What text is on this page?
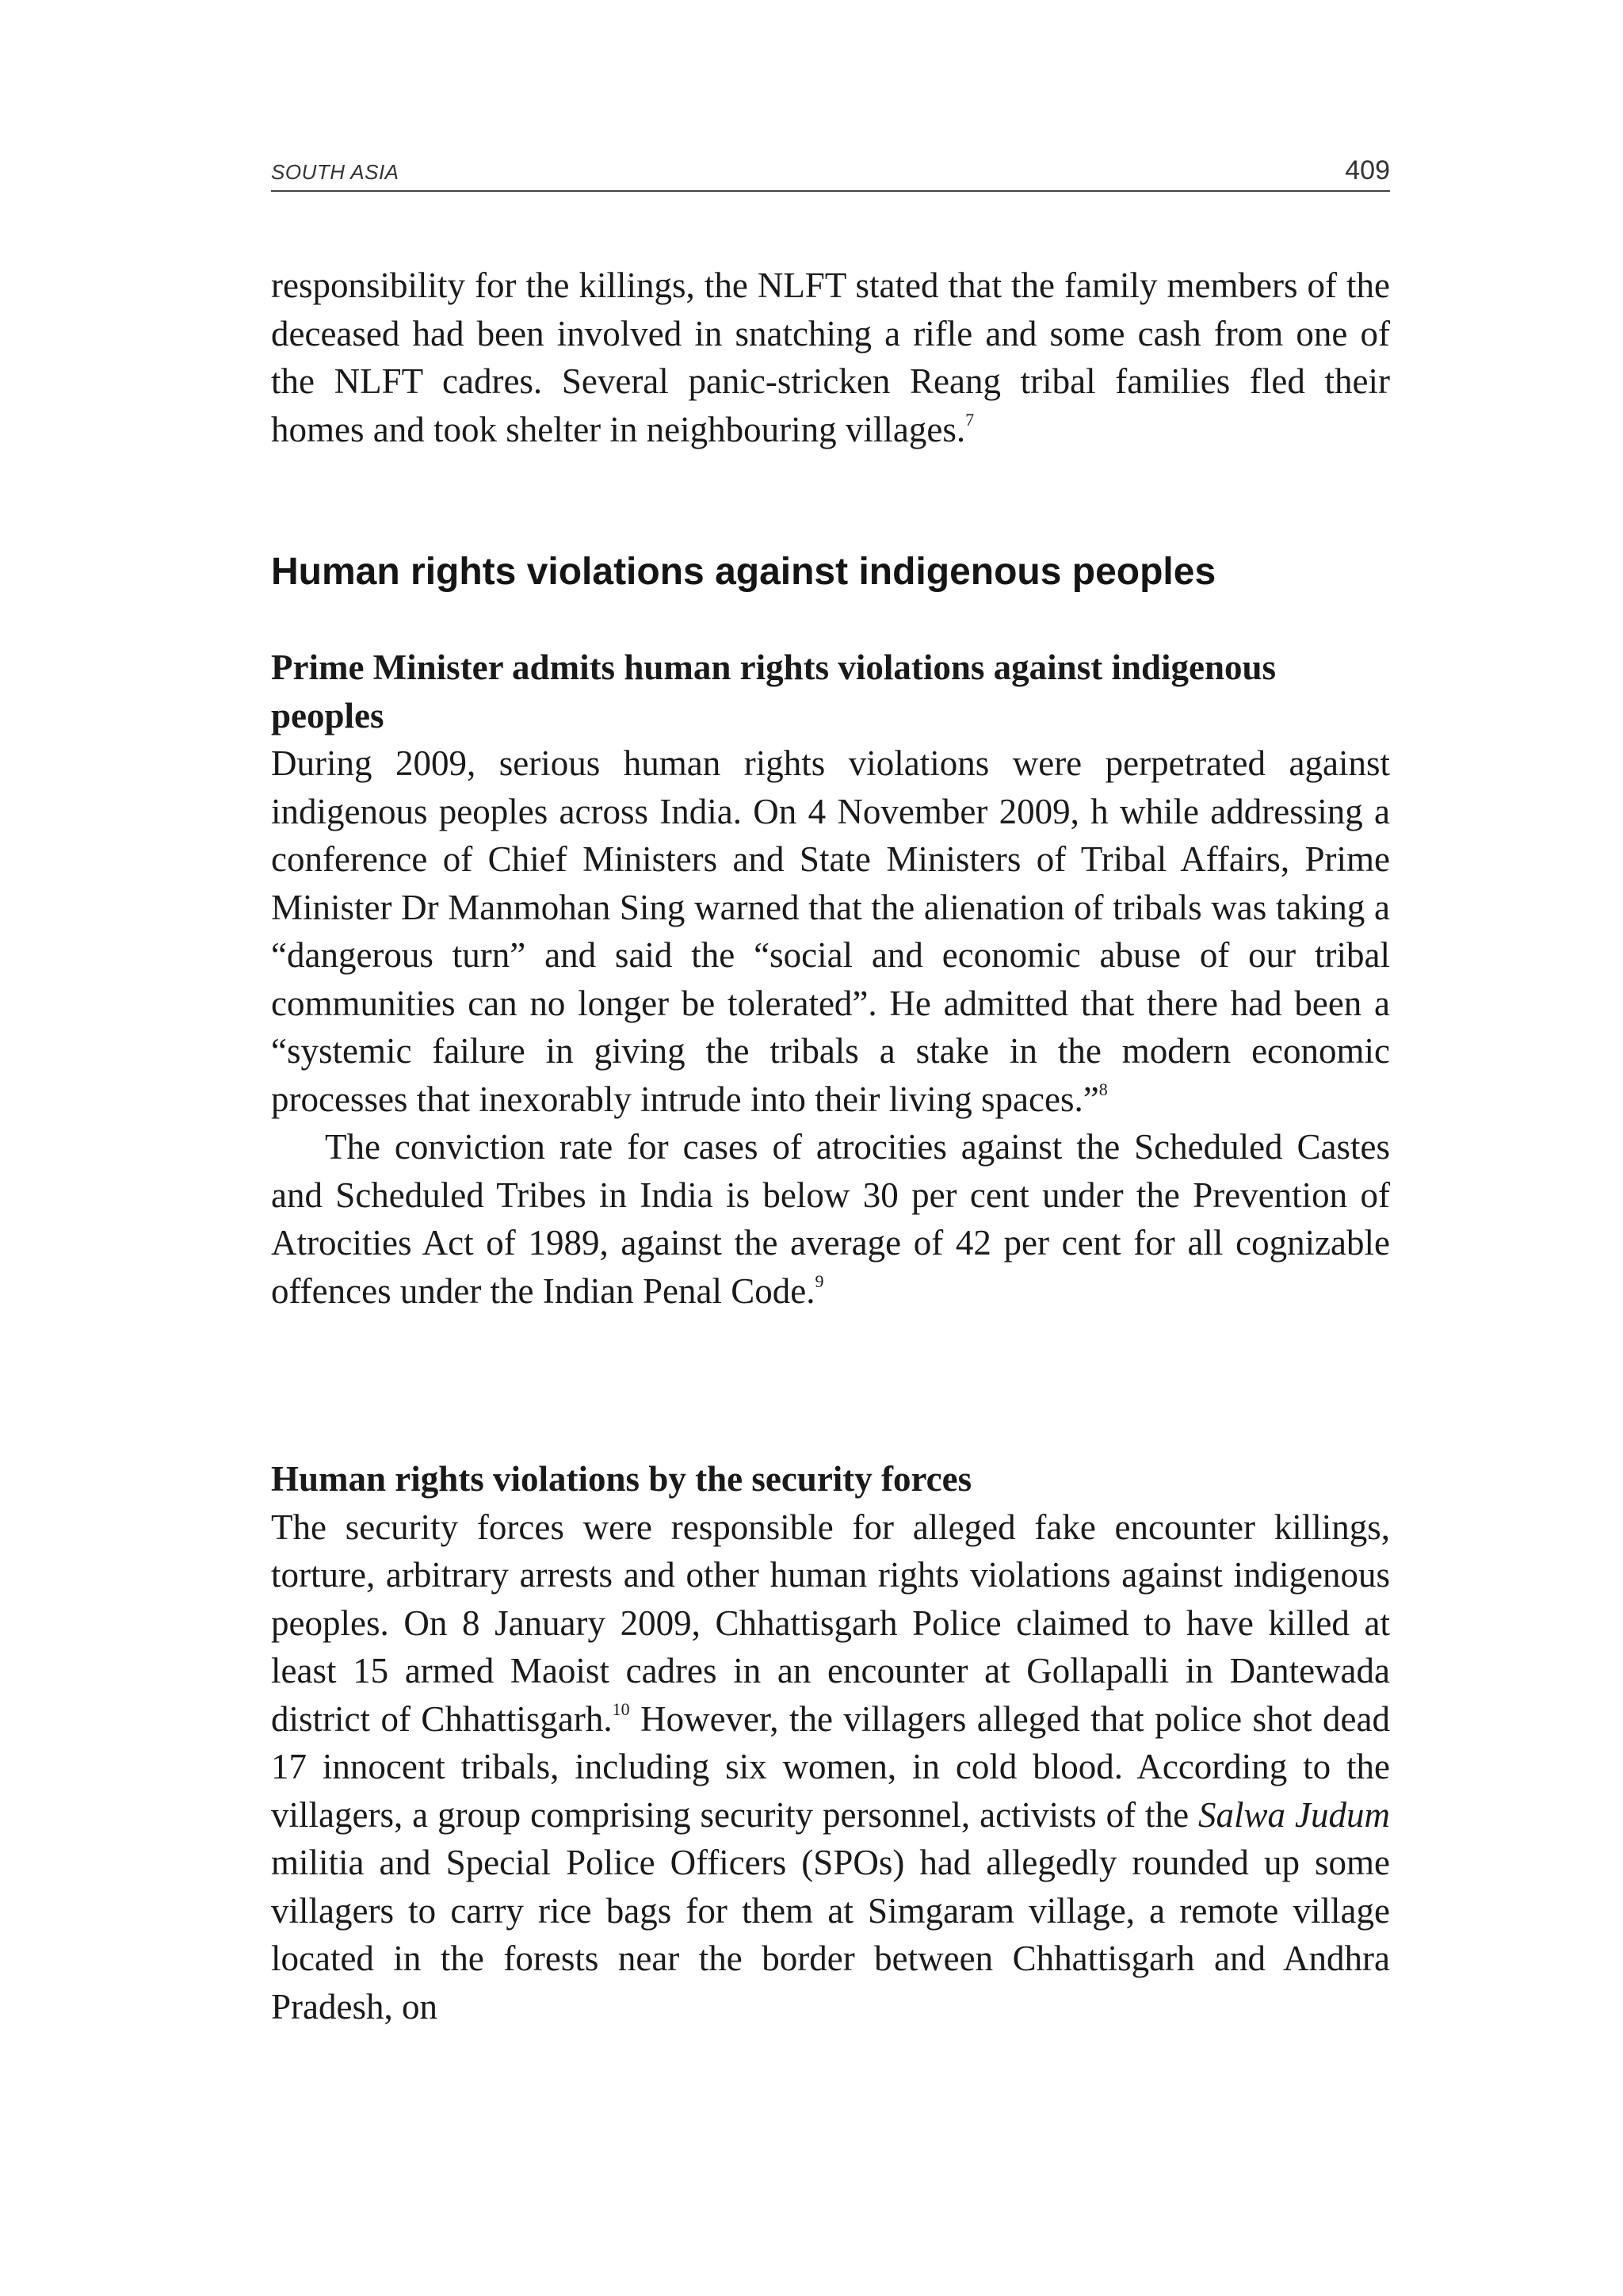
SOUTH ASIA	409

responsibility for the killings, the NLFT stated that the family members of the deceased had been involved in snatching a rifle and some cash from one of the NLFT cadres. Several panic-stricken Reang tribal families fled their homes and took shelter in neighbouring villages.$^7$

Human rights violations against indigenous peoples
Prime Minister admits human rights violations against indigenous peoples

During 2009, serious human rights violations were perpetrated against indigenous peoples across India. On 4 November 2009, h while addressing a conference of Chief Ministers and State Ministers of Tribal Affairs, Prime Minister Dr Manmohan Sing warned that the alienation of tribals was taking a “dangerous turn” and said the “social and economic abuse of our tribal communities can no longer be tolerated”. He admitted that there had been a “systemic failure in giving the tribals a stake in the modern economic processes that inexorably intrude into their living spaces.”$^8$

The conviction rate for cases of atrocities against the Scheduled Castes and Scheduled Tribes in India is below 30 per cent under the Prevention of Atrocities Act of 1989, against the average of 42 per cent for all cognizable offences under the Indian Penal Code.$^9$

Human rights violations by the security forces

The security forces were responsible for alleged fake encounter killings, torture, arbitrary arrests and other human rights violations against indigenous peoples. On 8 January 2009, Chhattisgarh Police claimed to have killed at least 15 armed Maoist cadres in an encounter at Gollapalli in Dantewada district of Chhattisgarh.$^{10}$ However, the villagers alleged that police shot dead 17 innocent tribals, including six women, in cold blood. According to the villagers, a group comprising security personnel, activists of the Salwa Judum militia and Special Police Officers (SPOs) had allegedly rounded up some villagers to carry rice bags for them at Simgaram village, a remote village located in the forests near the border between Chhattisgarh and Andhra Pradesh, on
